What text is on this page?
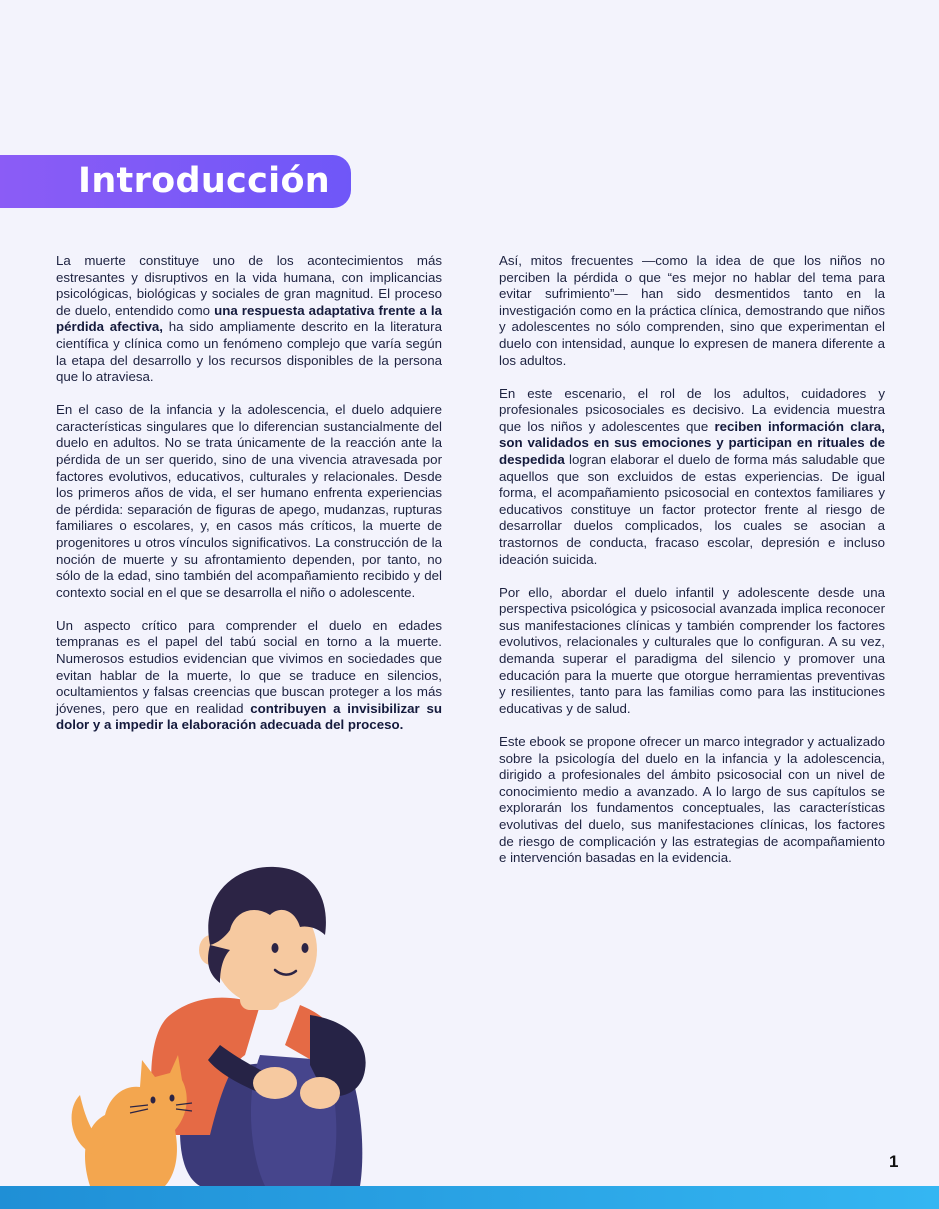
Introducción

La muerte constituye uno de los acontecimientos más estresantes y disruptivos en la vida humana, con implicancias psicológicas, biológicas y sociales de gran magnitud. El proceso de duelo, entendido como una respuesta adaptativa frente a la pérdida afectiva, ha sido ampliamente descrito en la literatura científica y clínica como un fenómeno complejo que varía según la etapa del desarrollo y los recursos disponibles de la persona que lo atraviesa.

En el caso de la infancia y la adolescencia, el duelo adquiere características singulares que lo diferencian sustancialmente del duelo en adultos. No se trata únicamente de la reacción ante la pérdida de un ser querido, sino de una vivencia atravesada por factores evolutivos, educativos, culturales y relacionales. Desde los primeros años de vida, el ser humano enfrenta experiencias de pérdida: separación de figuras de apego, mudanzas, rupturas familiares o escolares, y, en casos más críticos, la muerte de progenitores u otros vínculos significativos. La construcción de la noción de muerte y su afrontamiento dependen, por tanto, no sólo de la edad, sino también del acompañamiento recibido y del contexto social en el que se desarrolla el niño o adolescente.

Un aspecto crítico para comprender el duelo en edades tempranas es el papel del tabú social en torno a la muerte. Numerosos estudios evidencian que vivimos en sociedades que evitan hablar de la muerte, lo que se traduce en silencios, ocultamientos y falsas creencias que buscan proteger a los más jóvenes, pero que en realidad contribuyen a invisibilizar su dolor y a impedir la elaboración adecuada del proceso.

Así, mitos frecuentes —como la idea de que los niños no perciben la pérdida o que “es mejor no hablar del tema para evitar sufrimiento”— han sido desmentidos tanto en la investigación como en la práctica clínica, demostrando que niños y adolescentes no sólo comprenden, sino que experimentan el duelo con intensidad, aunque lo expresen de manera diferente a los adultos.

En este escenario, el rol de los adultos, cuidadores y profesionales psicosociales es decisivo. La evidencia muestra que los niños y adolescentes que reciben información clara, son validados en sus emociones y participan en rituales de despedida logran elaborar el duelo de forma más saludable que aquellos que son excluidos de estas experiencias. De igual forma, el acompañamiento psicosocial en contextos familiares y educativos constituye un factor protector frente al riesgo de desarrollar duelos complicados, los cuales se asocian a trastornos de conducta, fracaso escolar, depresión e incluso ideación suicida.

Por ello, abordar el duelo infantil y adolescente desde una perspectiva psicológica y psicosocial avanzada implica reconocer sus manifestaciones clínicas y también comprender los factores evolutivos, relacionales y culturales que lo configuran. A su vez, demanda superar el paradigma del silencio y promover una educación para la muerte que otorgue herramientas preventivas y resilientes, tanto para las familias como para las instituciones educativas y de salud.

Este ebook se propone ofrecer un marco integrador y actualizado sobre la psicología del duelo en la infancia y la adolescencia, dirigido a profesionales del ámbito psicosocial con un nivel de conocimiento medio a avanzado. A lo largo de sus capítulos se explorarán los fundamentos conceptuales, las características evolutivas del duelo, sus manifestaciones clínicas, los factores de riesgo de complicación y las estrategias de acompañamiento e intervención basadas en la evidencia.

1
